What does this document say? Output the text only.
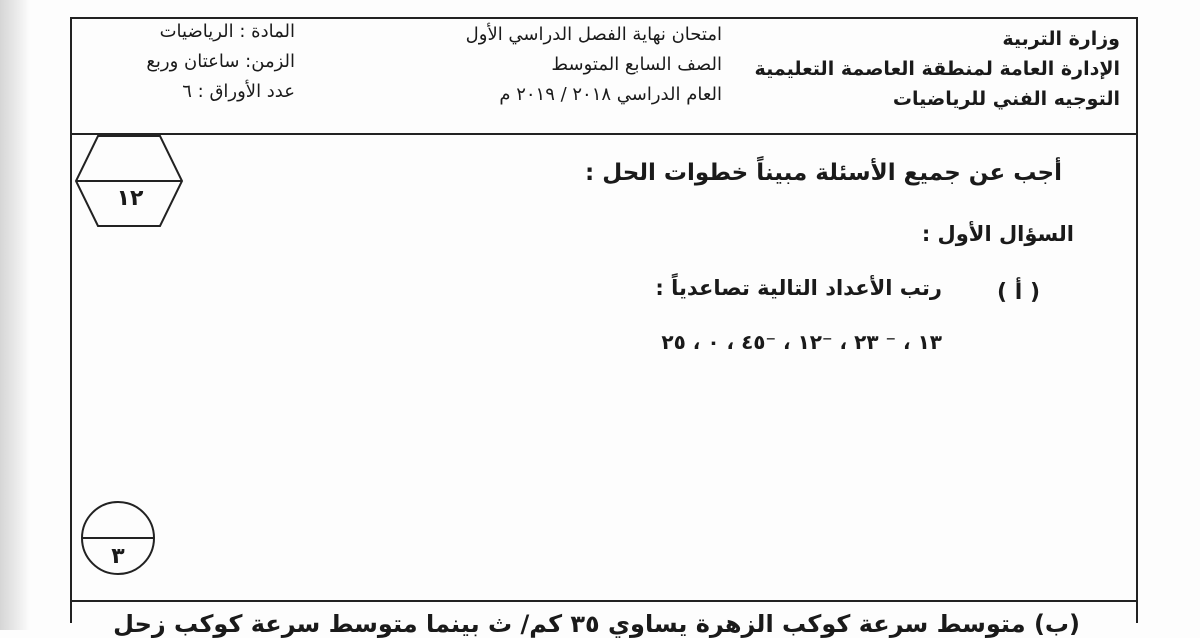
وزارة التربية
الإدارة العامة لمنطقة العاصمة التعليمية
التوجيه الفني للرياضيات
امتحان نهاية الفصل الدراسي الأول
الصف السابع المتوسط
العام الدراسي ٢٠١٨ / ٢٠١٩ م
المادة : الرياضيات
الزمن: ساعتان وربع
عدد الأوراق : ٦
١٢
أجب عن جميع الأسئلة مبيناً خطوات الحل :
السؤال الأول :
( أ )
رتب الأعداد التالية تصاعدياً :
١٣ ، ⁻ ٢٣ ، ⁻١٢ ، ⁻٤٥ ، ٠ ، ٢٥
٣
(ب) متوسط سرعة كوكب الزهرة يساوي ٣٥ كم/ ث بينما متوسط سرعة كوكب زحل
